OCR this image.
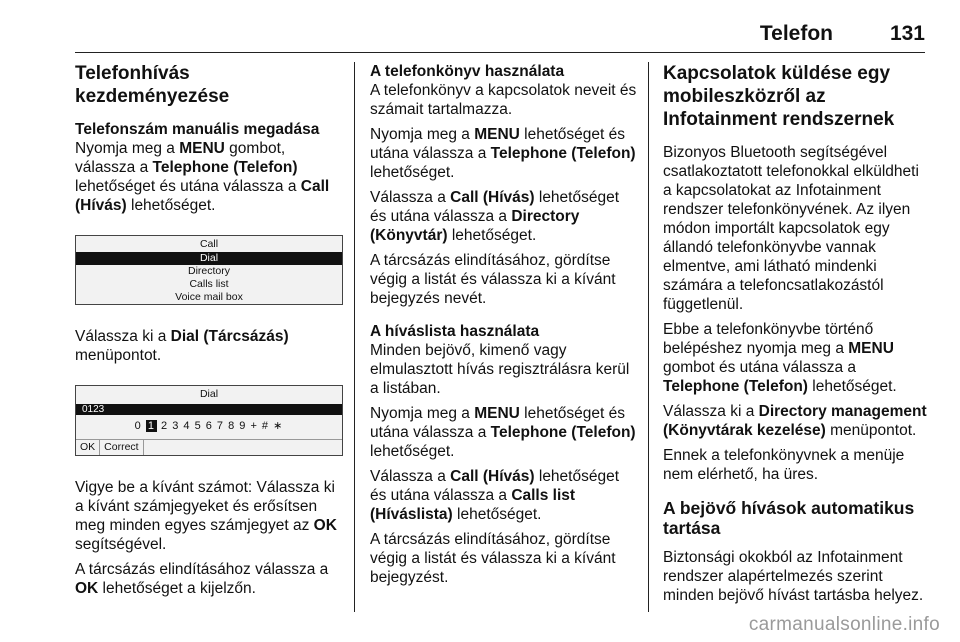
Telefon	131
Telefonhívás kezdeményezése
Telefonszám manuális megadása

Nyomja meg a MENU gombot, válassza a Telephone (Telefon) lehetőséget és utána válassza a Call (Hívás) lehetőséget.

Call
Dial
Directory
Calls list
Voice mail box

Válassza ki a Dial (Tárcsázás) menüpontot.

Dial
0123
0 1 2 3 4 5 6 7 8 9 + # ∗
OK Correct

Vigye be a kívánt számot: Válassza ki a kívánt számjegyeket és erősítsen meg minden egyes számjegyet az OK segítségével.

A tárcsázás elindításához válassza a OK lehetőséget a kijelzőn.

A telefonkönyv használata

A telefonkönyv a kapcsolatok neveit és számait tartalmazza.

Nyomja meg a MENU lehetőséget és utána válassza a Telephone (Telefon) lehetőséget.

Válassza a Call (Hívás) lehetőséget és utána válassza a Directory (Könyvtár) lehetőséget.

A tárcsázás elindításához, gördítse végig a listát és válassza ki a kívánt bejegyzés nevét.

A híváslista használata

Minden bejövő, kimenő vagy elmulasztott hívás regisztrálásra kerül a listában.

Nyomja meg a MENU lehetőséget és utána válassza a Telephone (Telefon) lehetőséget.

Válassza a Call (Hívás) lehetőséget és utána válassza a Calls list (Híváslista) lehetőséget.

A tárcsázás elindításához, gördítse végig a listát és válassza ki a kívánt bejegyzést.

Kapcsolatok küldése egy mobileszközről az Infotainment rendszernek

Bizonyos Bluetooth segítségével csatlakoztatott telefonokkal elküldheti a kapcsolatokat az Infotainment rendszer telefonkönyvének. Az ilyen módon importált kapcsolatok egy állandó telefonkönyvbe vannak elmentve, ami látható mindenki számára a telefoncsatlakozástól függetlenül.

Ebbe a telefonkönyvbe történő belépéshez nyomja meg a MENU gombot és utána válassza a Telephone (Telefon) lehetőséget.

Válassza ki a Directory management (Könyvtárak kezelése) menüpontot.

Ennek a telefonkönyvnek a menüje nem elérhető, ha üres.

A bejövő hívások automatikus tartása

Biztonsági okokból az Infotainment rendszer alapértelmezés szerint minden bejövő hívást tartásba helyez.

carmanualsonline.info
